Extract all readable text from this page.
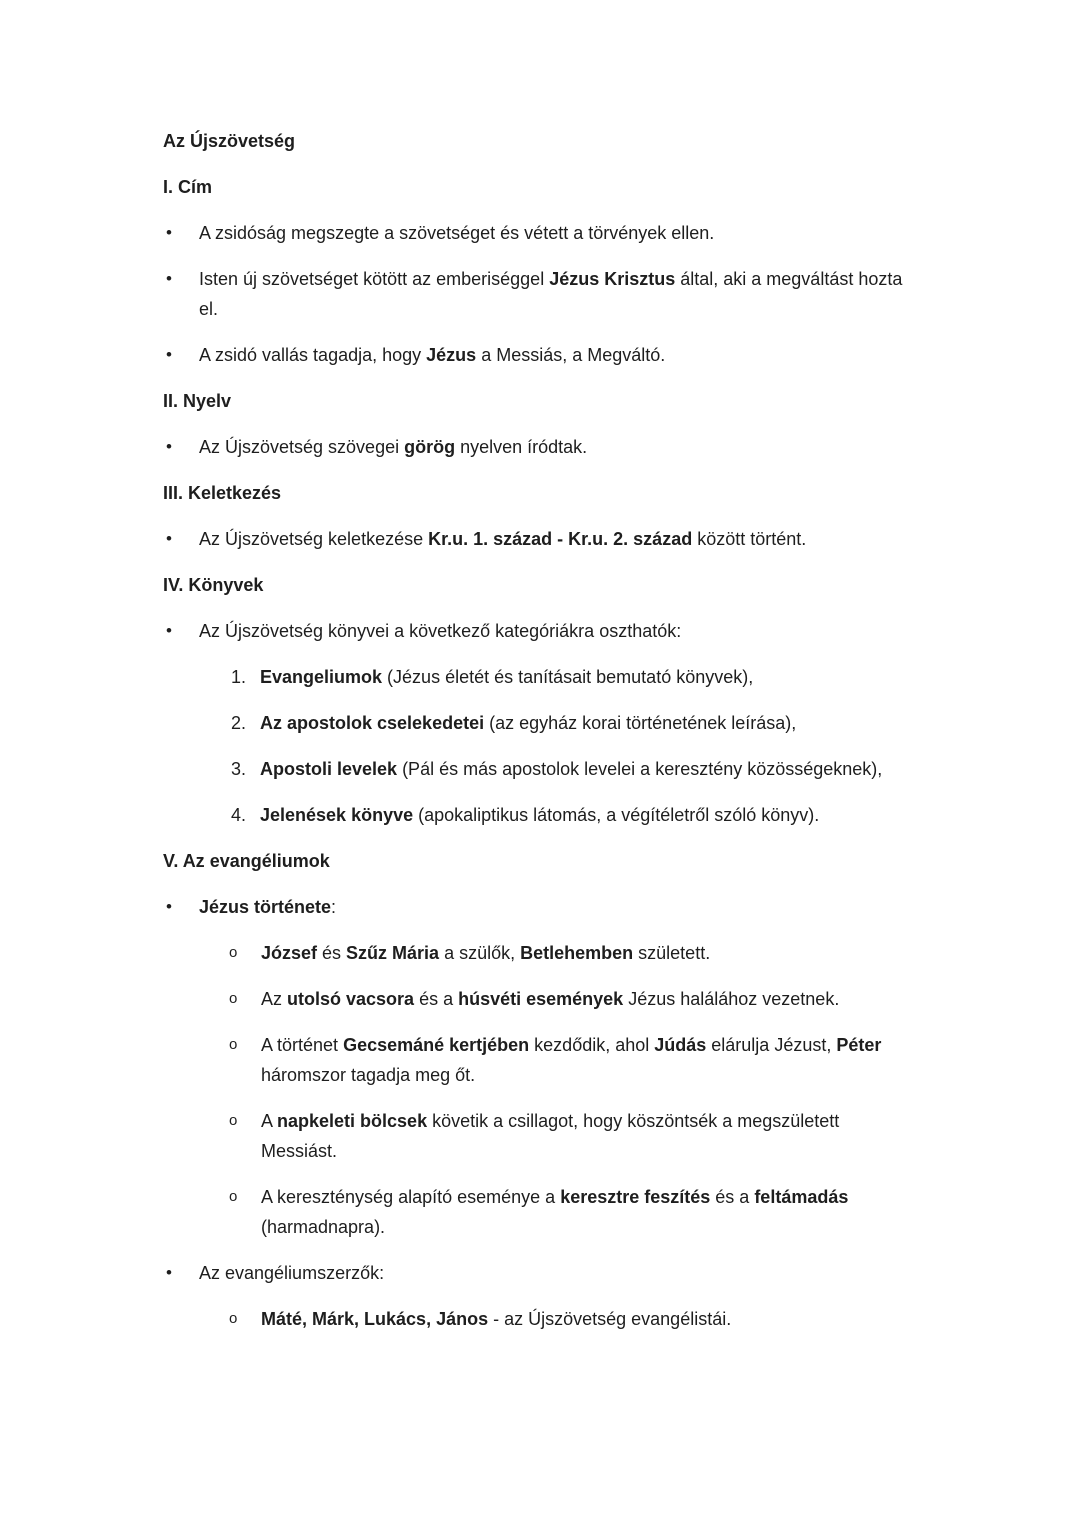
Az Újszövetség
I. Cím
•	A zsidóság megszegte a szövetséget és vétett a törvények ellen.
•	Isten új szövetséget kötött az emberiséggel Jézus Krisztus által, aki a megváltást hozta
el.
•	A zsidó vallás tagadja, hogy Jézus a Messiás, a Megváltó.
II. Nyelv
•	Az Újszövetség szövegei görög nyelven íródtak.
III. Keletkezés
•	Az Újszövetség keletkezése Kr.u. 1. század - Kr.u. 2. század között történt.
IV. Könyvek
•	Az Újszövetség könyvei a következő kategóriákra oszthatók:
1. Evangeliumok (Jézus életét és tanításait bemutató könyvek),
2. Az apostolok cselekedetei (az egyház korai történetének leírása),
3. Apostoli levelek (Pál és más apostolok levelei a keresztény közösségeknek),
4. Jelenések könyve (apokaliptikus látomás, a végítéletről szóló könyv).
V. Az evangéliumok
•	Jézus története:
o	József és Szűz Mária a szülők, Betlehemben született.
o	Az utolsó vacsora és a húsvéti események Jézus halálához vezetnek.
o	A történet Gecsemáné kertjében kezdődik, ahol Júdás elárulja Jézust, Péter
háromszor tagadja meg őt.
o	A napkeleti bölcsek követik a csillagot, hogy köszöntsék a megszületett
Messiást.
o	A kereszténység alapító eseménye a keresztre feszítés és a feltámadás
(harmadnapra).
•	Az evangéliumszerzők:
o	Máté, Márk, Lukács, János - az Újszövetség evangélistái.
